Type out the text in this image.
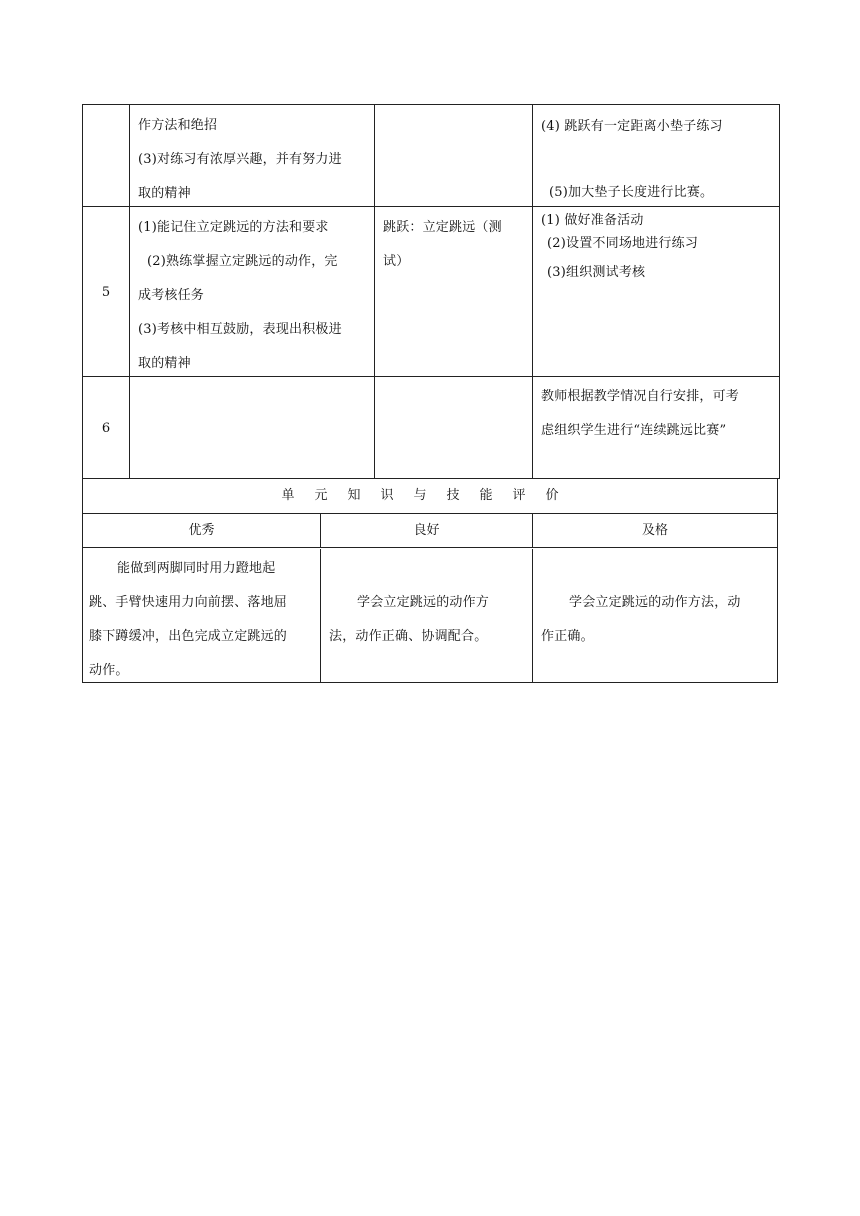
作方法和绝招
(3)对练习有浓厚兴趣，并有努力进
取的精神
(4) 跳跃有一定距离小垫子练习
(5)加大垫子长度进行比赛。
5
(1)能记住立定跳远的方法和要求
(2)熟练掌握立定跳远的动作，完
成考核任务
(3)考核中相互鼓励，表现出积极进
取的精神
跳跃：立定跳远（测
试）
(1) 做好准备活动
(2)设置不同场地进行练习
(3)组织测试考核
6
教师根据教学情况自行安排，可考
虑组织学生进行“连续跳远比赛”
单元知识与技能评价
优秀	良好	及格
能做到两脚同时用力蹬地起
跳、手臂快速用力向前摆、落地屈
膝下蹲缓冲，出色完成立定跳远的
动作。
学会立定跳远的动作方
法，动作正确、协调配合。
学会立定跳远的动作方法，动
作正确。
